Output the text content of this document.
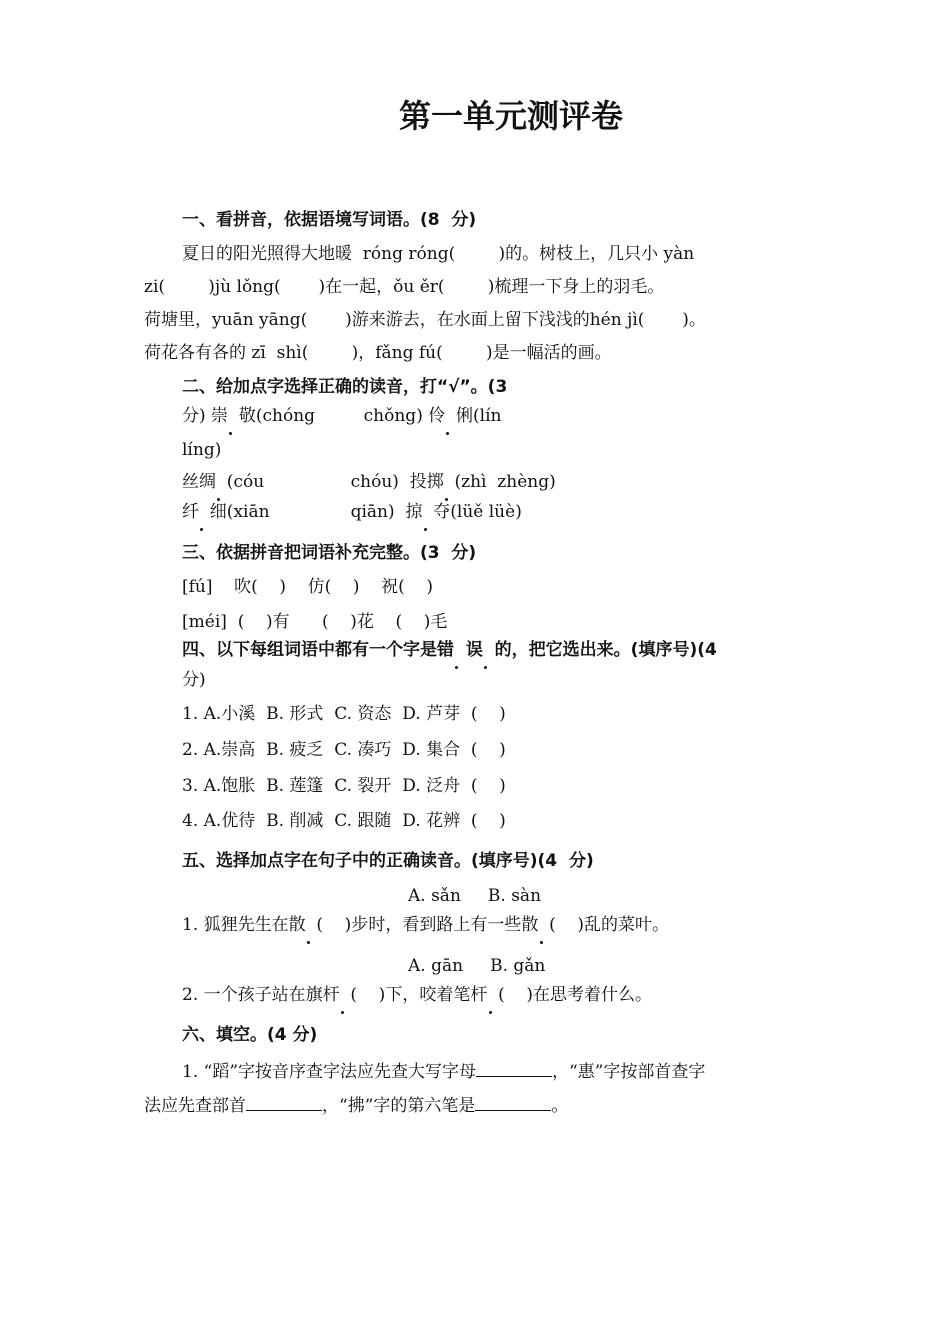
第一单元测评卷
一、看拼音，依据语境写词语。(8  分)
夏日的阳光照得大地暖  róng róng(        )的。树枝上，几只小 yàn
zi(        )jù lǒng(       )在一起，ǒu ěr(        )梳理一下身上的羽毛。
荷塘里，yuān yāng(       )游来游去，在水面上留下浅浅的hén jì(       )。
荷花各有各的 zī  shì(        )，fǎng fú(        )是一幅活的画。
二、给加点字选择正确的读音，打“√”。(3
分) 崇  敬(chóng         chǒng) 伶  俐(lín
líng)
丝绸  (cóu                chóu)  投掷  (zhì  zhèng)
纤  细(xiān               qiān)  掠  夺(lüě lüè)
三、依据拼音把词语补充完整。(3  分)
[fú]    吹(    )    仿(    )    祝(    )
[méi]  (    )有      (    )花    (    )毛
四、以下每组词语中都有一个字是错  误  的，把它选出来。(填序号)(4
分)
1. A.小溪  B. 形式  C. 资态  D. 芦芽  (    )
2. A.崇高  B. 疲乏  C. 凑巧  D. 集合  (    )
3. A.饱胀  B. 莲篷  C. 裂开  D. 泛舟  (    )
4. A.优待  B. 削减  C. 跟随  D. 花辨  (    )
五、选择加点字在句子中的正确读音。(填序号)(4  分)
A. sǎn     B. sàn
1. 狐狸先生在散  (    )步时，看到路上有一些散  (    )乱的菜叶。
A. gān     B. gǎn
2. 一个孩子站在旗杆  (    )下，咬着笔杆  (    )在思考着什么。
六、填空。(4 分)
1. “蹈”字按音序查字法应先查大写字母	，“惠”字按部首查字
法应先查部首	，“拂”字的第六笔是	。
